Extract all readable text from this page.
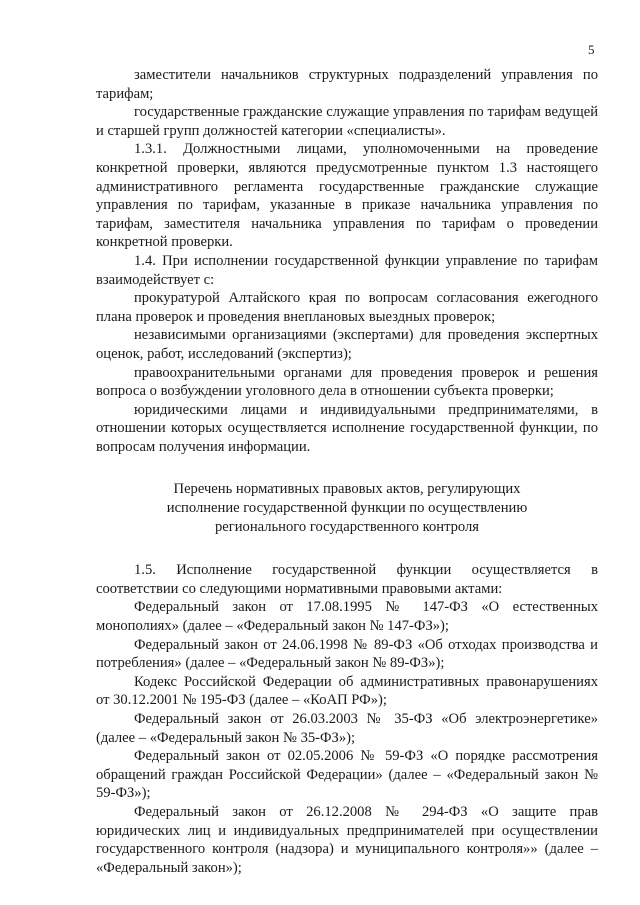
5

заместители начальников структурных подразделений управления по тарифам;

государственные гражданские служащие управления по тарифам ведущей и старшей групп должностей категории «специалисты».

1.3.1. Должностными лицами, уполномоченными на проведение конкретной проверки, являются предусмотренные пунктом 1.3 настоящего административного регламента государственные гражданские служащие управления по тарифам, указанные в приказе начальника управления по тарифам, заместителя начальника управления по тарифам о проведении конкретной проверки.

1.4. При исполнении государственной функции управление по тарифам взаимодействует с:

прокуратурой Алтайского края по вопросам согласования ежегодного плана проверок и проведения внеплановых выездных проверок;

независимыми организациями (экспертами) для проведения экспертных оценок, работ, исследований (экспертиз);

правоохранительными органами для проведения проверок и решения вопроса о возбуждении уголовного дела в отношении субъекта проверки;

юридическими лицами и индивидуальными предпринимателями, в отношении которых осуществляется исполнение государственной функции, по вопросам получения информации.

Перечень нормативных правовых актов, регулирующих
исполнение государственной функции по осуществлению
регионального государственного контроля

1.5. Исполнение государственной функции осуществляется в соответствии со следующими нормативными правовыми актами:

Федеральный закон от 17.08.1995 № 147-ФЗ «О естественных монополиях» (далее – «Федеральный закон № 147-ФЗ»);

Федеральный закон от 24.06.1998 № 89-ФЗ «Об отходах производства и потребления» (далее – «Федеральный закон № 89-ФЗ»);

Кодекс Российской Федерации об административных правонарушениях от 30.12.2001 № 195-ФЗ (далее – «КоАП РФ»);

Федеральный закон от 26.03.2003 № 35-ФЗ «Об электроэнергетике» (далее – «Федеральный закон № 35-ФЗ»);

Федеральный закон от 02.05.2006 № 59-ФЗ «О порядке рассмотрения обращений граждан Российской Федерации» (далее – «Федеральный закон № 59-ФЗ»);

Федеральный закон от 26.12.2008 № 294-ФЗ «О защите прав юридических лиц и индивидуальных предпринимателей при осуществлении государственного контроля (надзора) и муниципального контроля»» (далее – «Федеральный закон»);
